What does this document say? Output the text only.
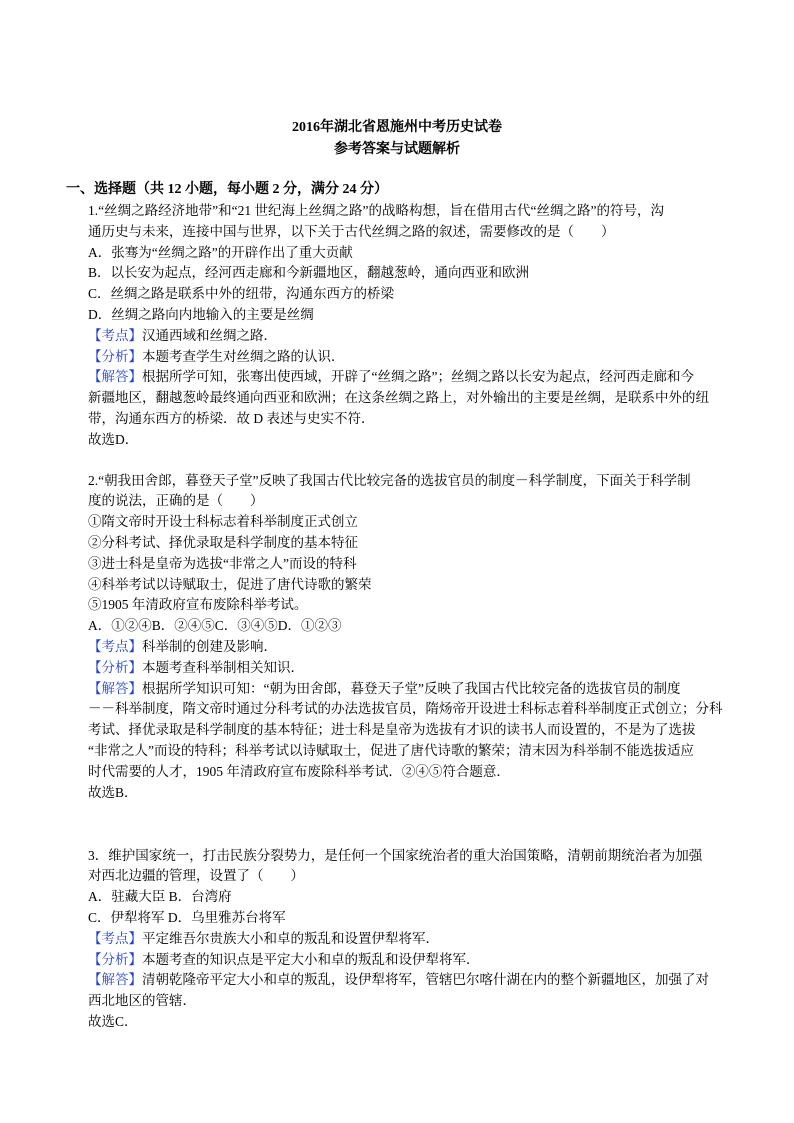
2016年湖北省恩施州中考历史试卷
参考答案与试题解析
一、选择题（共 12 小题，每小题 2 分，满分 24 分）
1.“丝绸之路经济地带”和“21 世纪海上丝绸之路”的战略构想，旨在借用古代“丝绸之路”的符号，沟
通历史与未来，连接中国与世界，以下关于古代丝绸之路的叙述，需要修改的是（　　）
A．张骞为“丝绸之路”的开辟作出了重大贡献
B．以长安为起点，经河西走廊和今新疆地区，翻越葱岭，通向西亚和欧洲
C．丝绸之路是联系中外的纽带，沟通东西方的桥梁
D．丝绸之路向内地输入的主要是丝绸
【考点】汉通西域和丝绸之路．
【分析】本题考查学生对丝绸之路的认识．
【解答】根据所学可知，张骞出使西域，开辟了“丝绸之路”；丝绸之路以长安为起点，经河西走廊和今
新疆地区，翻越葱岭最终通向西亚和欧洲；在这条丝绸之路上，对外输出的主要是丝绸，是联系中外的纽
带，沟通东西方的桥梁．故 D 表述与史实不符．
故选D．
2.“朝我田舍郎，暮登天子堂”反映了我国古代比较完备的选拔官员的制度－科学制度，下面关于科学制
度的说法，正确的是（　　）
①隋文帝时开设士科标志着科举制度正式创立
②分科考试、择优录取是科学制度的基本特征
③进士科是皇帝为选拔“非常之人”而设的特科
④科举考试以诗赋取士，促进了唐代诗歌的繁荣
⑤1905 年清政府宣布废除科举考试。
A．①②④B．②④⑤C．③④⑤D．①②③
【考点】科举制的创建及影响．
【分析】本题考查科举制相关知识．
【解答】根据所学知识可知：“朝为田舍郎，暮登天子堂”反映了我国古代比较完备的选拔官员的制度
－－科举制度，隋文帝时通过分科考试的办法选拔官员，隋炀帝开设进士科标志着科举制度正式创立；分科
考试、择优录取是科学制度的基本特征；进士科是皇帝为选拔有才识的读书人而设置的，不是为了选拔
“非常之人”而设的特科；科举考试以诗赋取士，促进了唐代诗歌的繁荣；清末因为科举制不能选拔适应
时代需要的人才，1905 年清政府宣布废除科举考试．②④⑤符合题意．
故选B．
3．维护国家统一，打击民族分裂势力，是任何一个国家统治者的重大治国策略，清朝前期统治者为加强
对西北边疆的管理，设置了（　　）
A．驻藏大臣 B．台湾府
C．伊犁将军 D．乌里雅苏台将军
【考点】平定维吾尔贵族大小和卓的叛乱和设置伊犁将军．
【分析】本题考查的知识点是平定大小和卓的叛乱和设伊犁将军．
【解答】清朝乾隆帝平定大小和卓的叛乱，设伊犁将军，管辖巴尔喀什湖在内的整个新疆地区，加强了对
西北地区的管辖．
故选C．
